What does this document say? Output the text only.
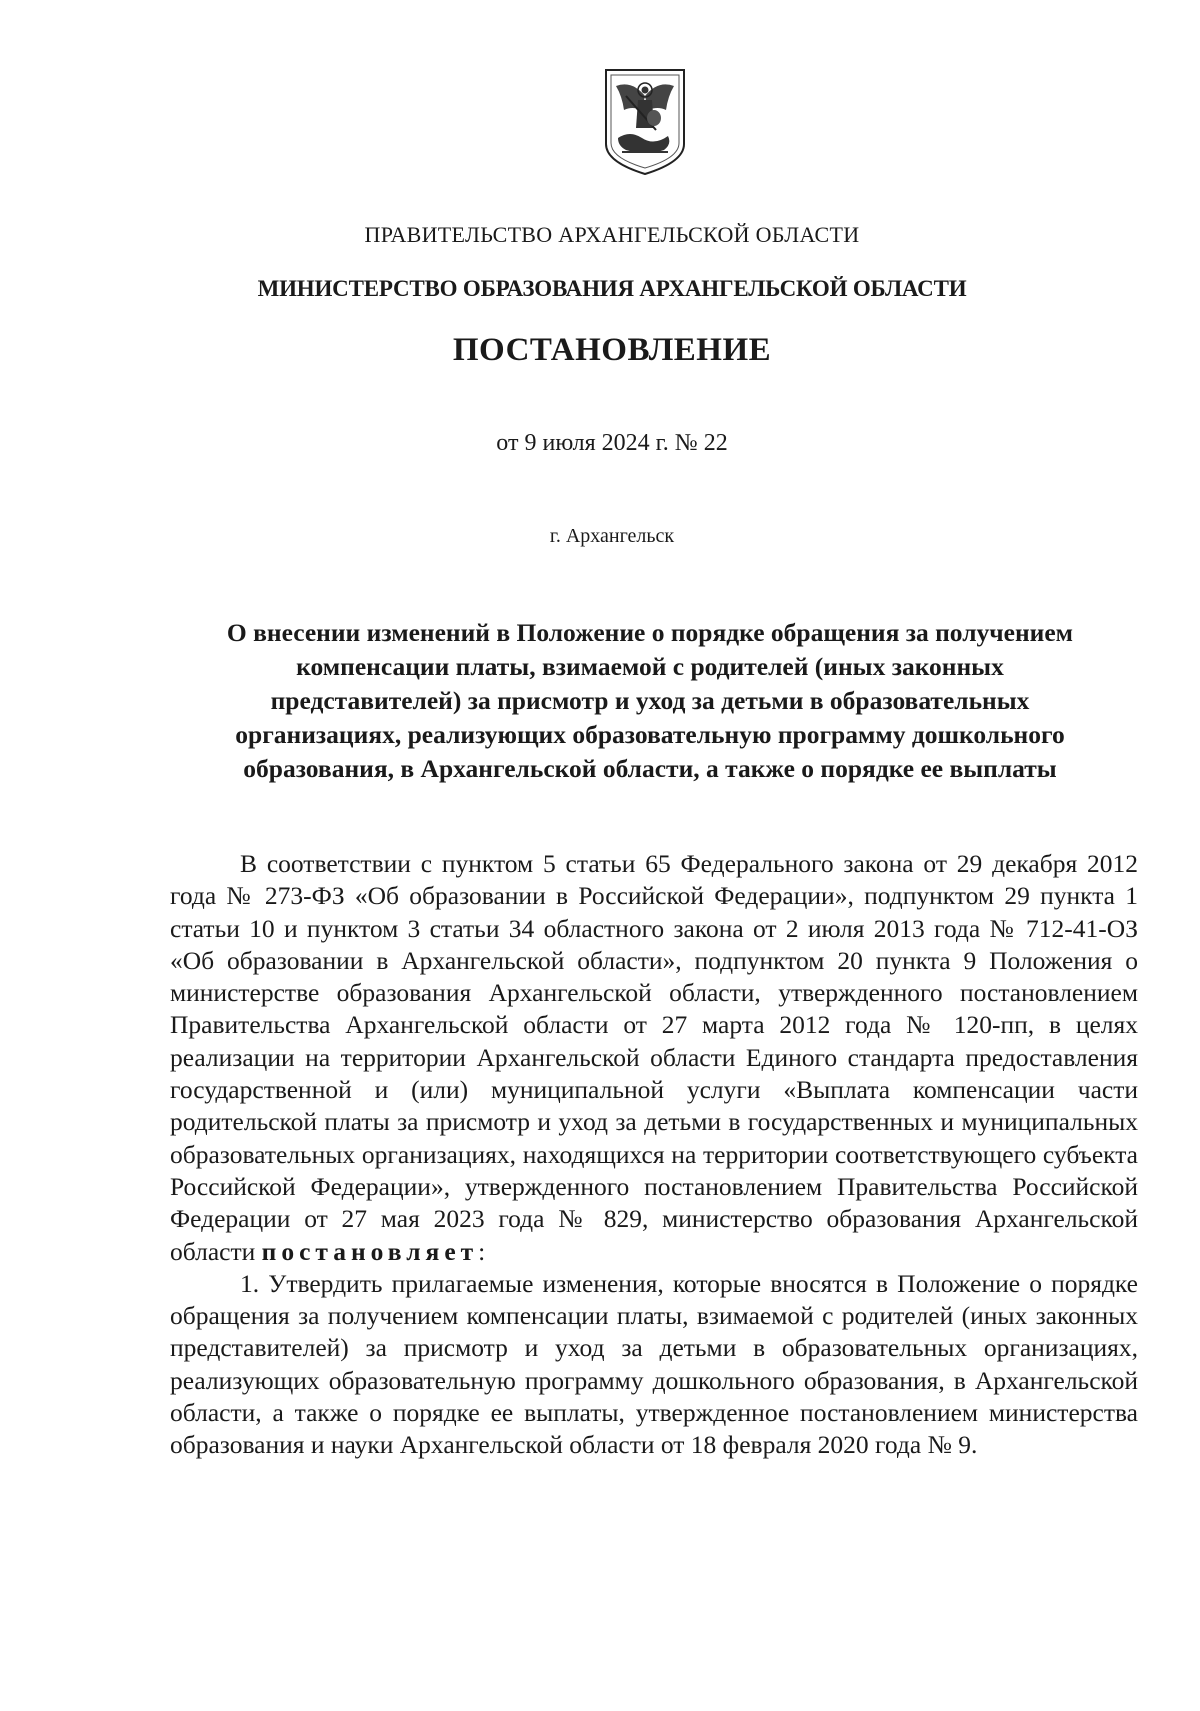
ПРАВИТЕЛЬСТВО АРХАНГЕЛЬСКОЙ ОБЛАСТИ
МИНИСТЕРСТВО ОБРАЗОВАНИЯ АРХАНГЕЛЬСКОЙ ОБЛАСТИ
ПОСТАНОВЛЕНИЕ
от 9 июля 2024 г. № 22
г. Архангельск
О внесении изменений в Положение о порядке обращения за получением
компенсации платы, взимаемой с родителей (иных законных
представителей) за присмотр и уход за детьми в образовательных
организациях, реализующих образовательную программу дошкольного
образования, в Архангельской области, а также о порядке ее выплаты

В соответствии с пунктом 5 статьи 65 Федерального закона от 29 декабря 2012 года № 273-ФЗ «Об образовании в Российской Федерации», подпунктом 29 пункта 1 статьи 10 и пунктом 3 статьи 34 областного закона от 2 июля 2013 года № 712-41-ОЗ «Об образовании в Архангельской области», подпунктом 20 пункта 9 Положения о министерстве образования Архангельской области, утвержденного постановлением Правительства Архангельской области от 27 марта 2012 года № 120-пп, в целях реализации на территории Архангельской области Единого стандарта предоставления государственной и (или) муниципальной услуги «Выплата компенсации части родительской платы за присмотр и уход за детьми в государственных и муниципальных образовательных организациях, находящихся на территории соответствующего субъекта Российской Федерации», утвержденного постановлением Правительства Российской Федерации от 27 мая 2023 года № 829, министерство образования Архангельской области постановляет:

1. Утвердить прилагаемые изменения, которые вносятся в Положение о порядке обращения за получением компенсации платы, взимаемой с родителей (иных законных представителей) за присмотр и уход за детьми в образовательных организациях, реализующих образовательную программу дошкольного образования, в Архангельской области, а также о порядке ее выплаты, утвержденное постановлением министерства образования и науки Архангельской области от 18 февраля 2020 года № 9.
